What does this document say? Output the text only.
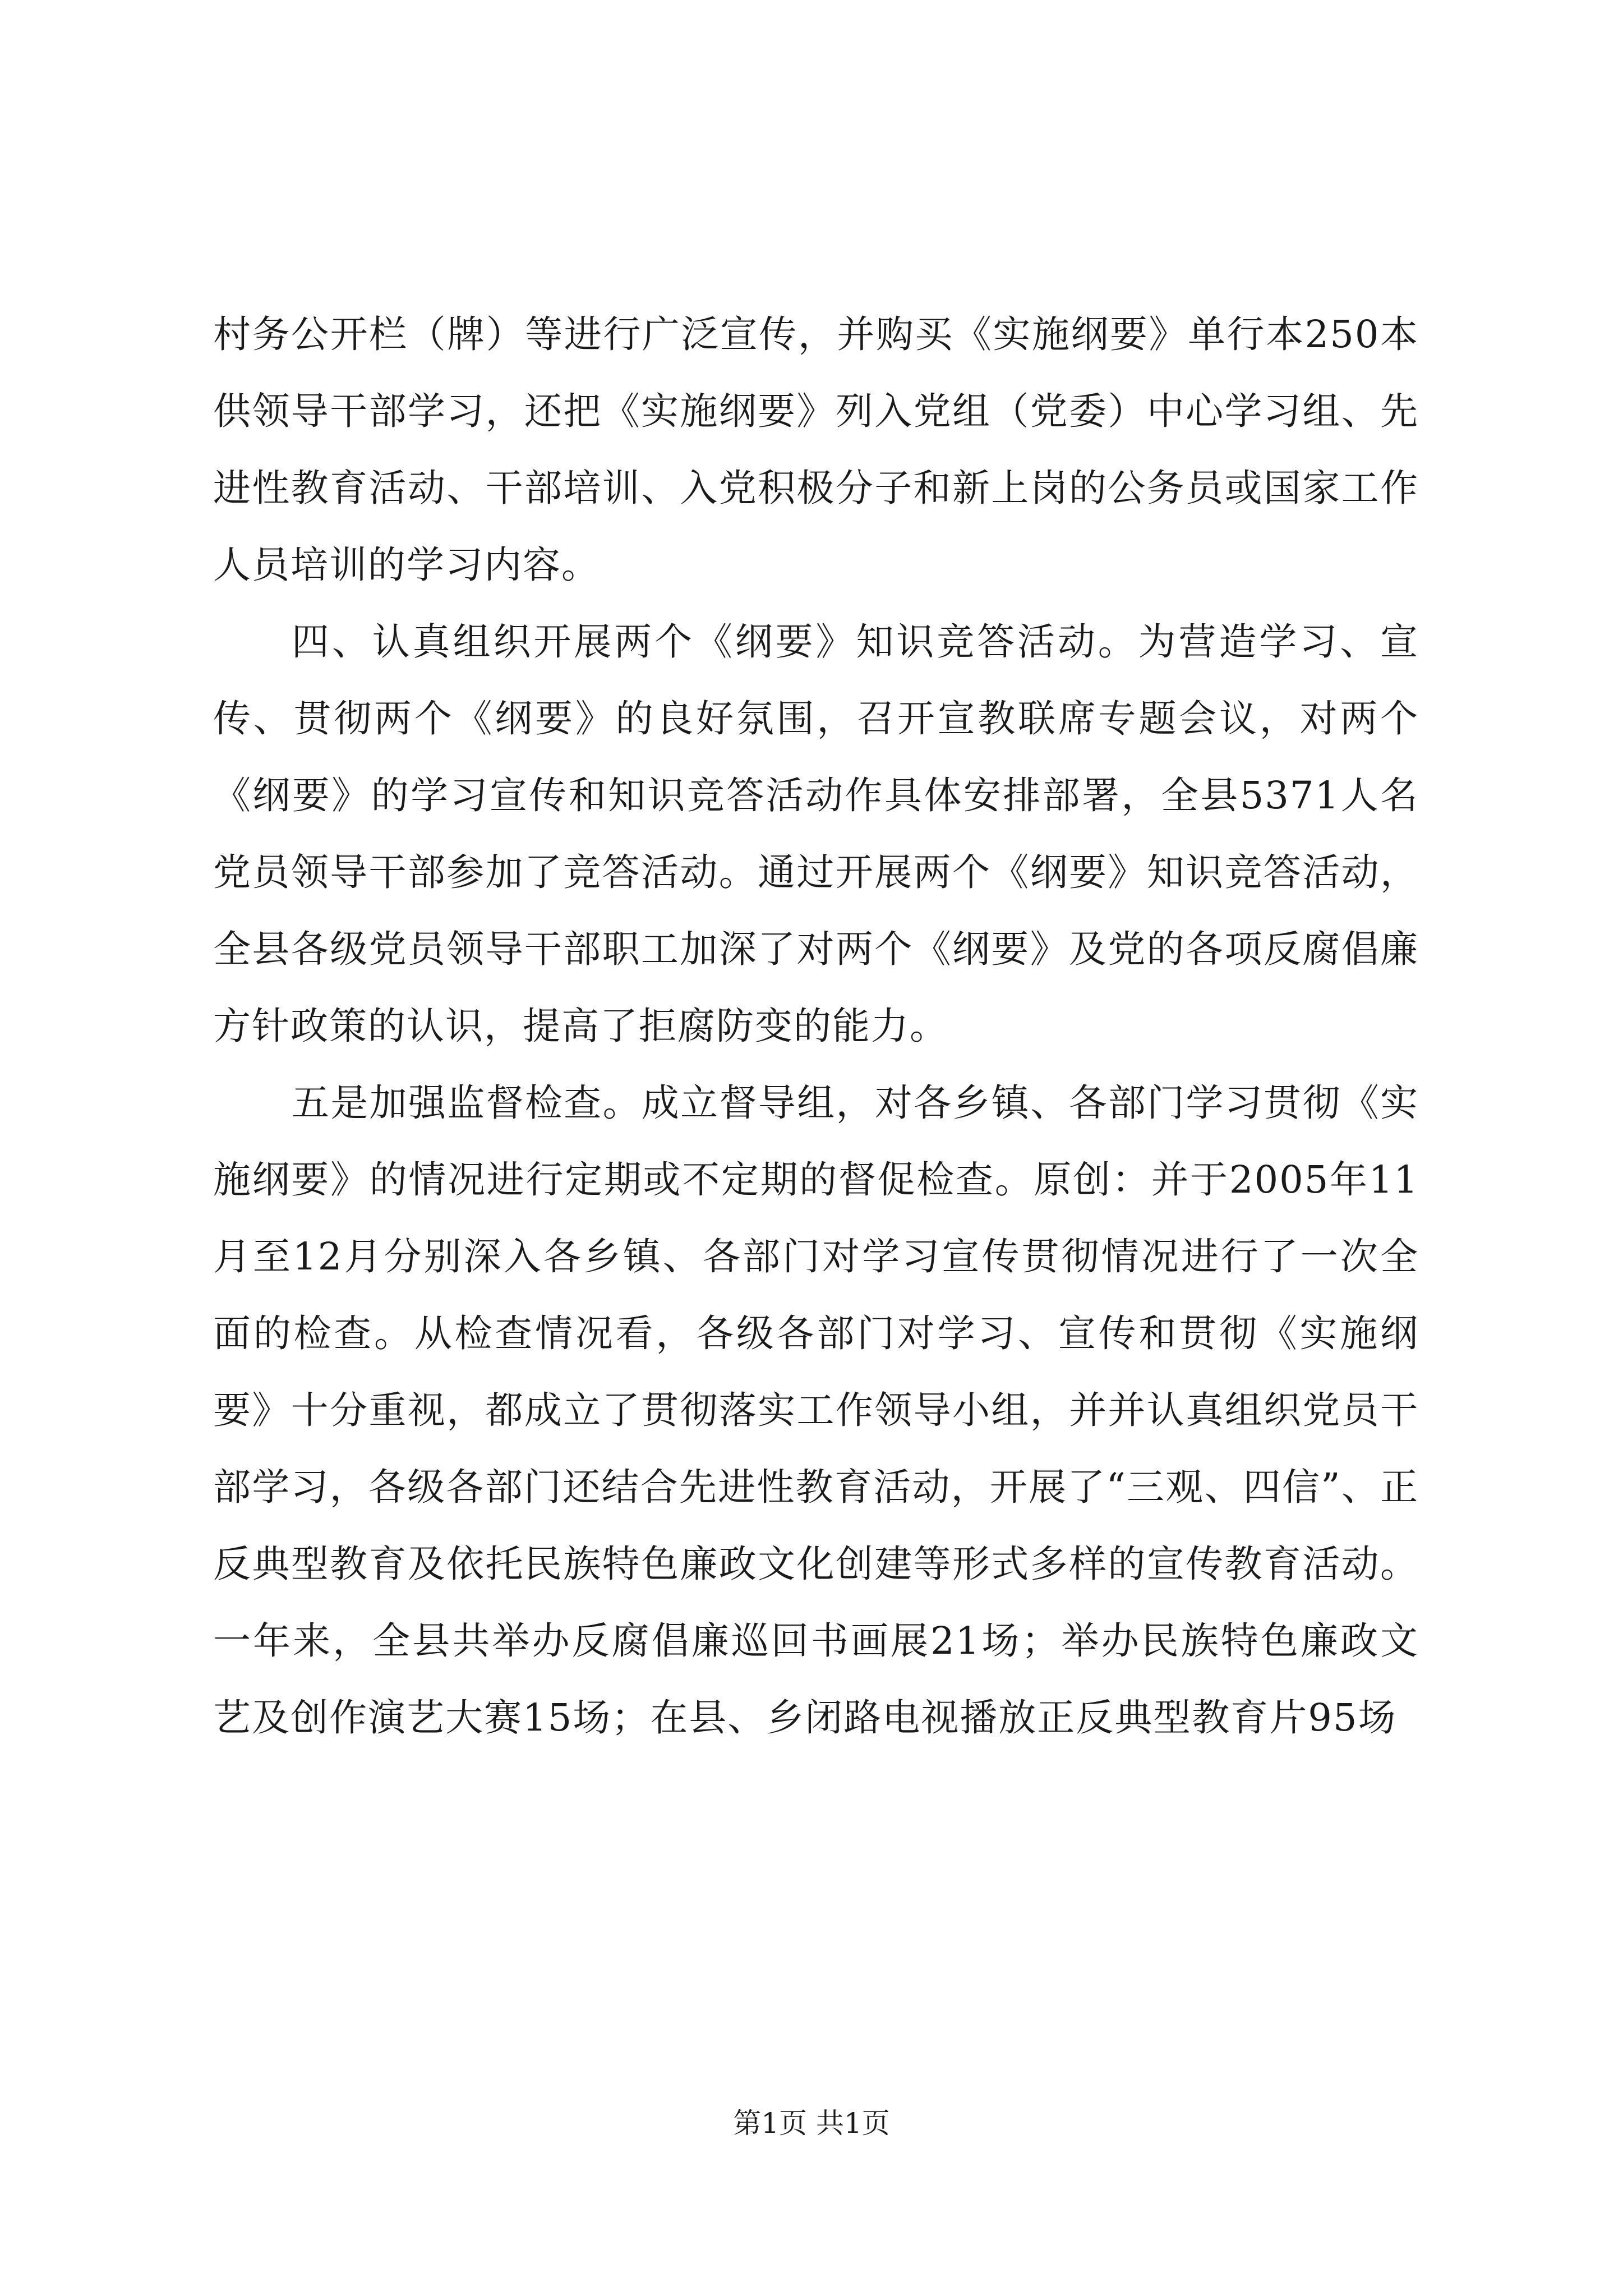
村务公开栏（牌）等进行广泛宣传，并购买《实施纲要》单行本250本供领导干部学习，还把《实施纲要》列入党组（党委）中心学习组、先进性教育活动、干部培训、入党积极分子和新上岗的公务员或国家工作人员培训的学习内容。

四、认真组织开展两个《纲要》知识竞答活动。为营造学习、宣传、贯彻两个《纲要》的良好氛围，召开宣教联席专题会议，对两个《纲要》的学习宣传和知识竞答活动作具体安排部署，全县5371人名党员领导干部参加了竞答活动。通过开展两个《纲要》知识竞答活动，全县各级党员领导干部职工加深了对两个《纲要》及党的各项反腐倡廉方针政策的认识，提高了拒腐防变的能力。

五是加强监督检查。成立督导组，对各乡镇、各部门学习贯彻《实施纲要》的情况进行定期或不定期的督促检查。原创：并于2005年11月至12月分别深入各乡镇、各部门对学习宣传贯彻情况进行了一次全面的检查。从检查情况看，各级各部门对学习、宣传和贯彻《实施纲要》十分重视，都成立了贯彻落实工作领导小组，并并认真组织党员干部学习，各级各部门还结合先进性教育活动，开展了“三观、四信”、正反典型教育及依托民族特色廉政文化创建等形式多样的宣传教育活动。一年来，全县共举办反腐倡廉巡回书画展21场；举办民族特色廉政文艺及创作演艺大赛15场；在县、乡闭路电视播放正反典型教育片95场

第1页 共1页
